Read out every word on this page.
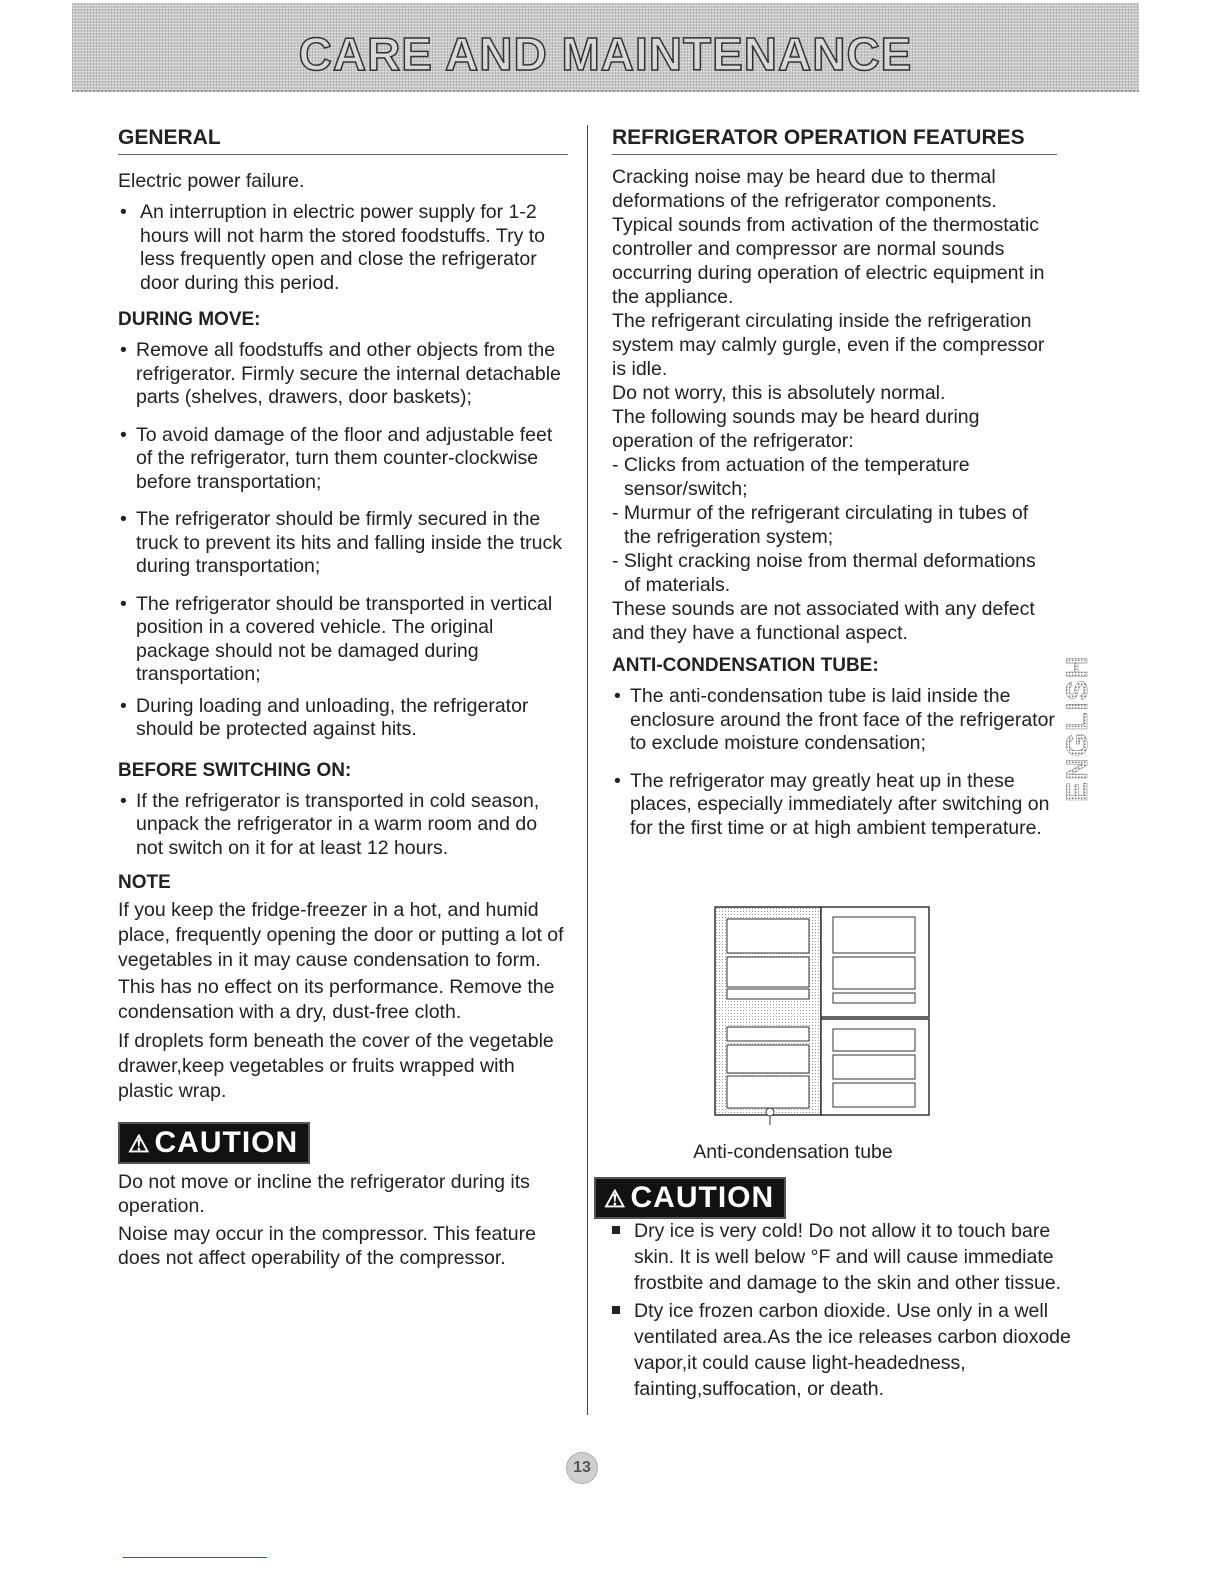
CARE AND MAINTENANCE
GENERAL

Electric power failure.

• An interruption in electric power supply for 1-2 hours will not harm the stored foodstuffs. Try to less frequently open and close the refrigerator door during this period.
DURING MOVE:
• Remove all foodstuffs and other objects from the refrigerator. Firmly secure the internal detachable parts (shelves, drawers, door baskets);
• To avoid damage of the floor and adjustable feet of the refrigerator, turn them counter-clockwise before transportation;
• The refrigerator should be firmly secured in the truck to prevent its hits and falling inside the truck during transportation;
• The refrigerator should be transported in vertical position in a covered vehicle. The original package should not be damaged during transportation;
• During loading and unloading, the refrigerator should be protected against hits.
BEFORE SWITCHING ON:
• If the refrigerator is transported in cold season, unpack the refrigerator in a warm room and do not switch on it for at least 12 hours.
NOTE

If you keep the fridge-freezer in a hot, and humid place, frequently opening the door or putting a lot of vegetables in it may cause condensation to form.

This has no effect on its performance. Remove the condensation with a dry, dust-free cloth.

If droplets form beneath the cover of the vegetable drawer,keep vegetables or fruits wrapped with plastic wrap.

⚠ CAUTION

Do not move or incline the refrigerator during its operation.

Noise may occur in the compressor. This feature does not affect operability of the compressor.

REFRIGERATOR OPERATION FEATURES

Cracking noise may be heard due to thermal deformations of the refrigerator components.

Typical sounds from activation of the thermostatic controller and compressor are normal sounds occurring during operation of electric equipment in the appliance.

The refrigerant circulating inside the refrigeration system may calmly gurgle, even if the compressor is idle.

Do not worry, this is absolutely normal.

The following sounds may be heard during operation of the refrigerator:

- Clicks from actuation of the temperature sensor/switch;

- Murmur of the refrigerant circulating in tubes of the refrigeration system;

- Slight cracking noise from thermal deformations of materials.

These sounds are not associated with any defect and they have a functional aspect.

ANTI-CONDENSATION TUBE:
• The anti-condensation tube is laid inside the enclosure around the front face of the refrigerator to exclude moisture condensation;
• The refrigerator may greatly heat up in these places, especially immediately after switching on for the first time or at high ambient temperature.
Anti-condensation tube
⚠ CAUTION
Dry ice is very cold! Do not allow it to touch bare skin. It is well below °F and will cause immediate frostbite and damage to the skin and other tissue.
Dty ice frozen carbon dioxide. Use only in a well ventilated area.As the ice releases carbon dioxode vapor,it could cause light-headedness, fainting,suffocation, or death.
ENGLISH
13
